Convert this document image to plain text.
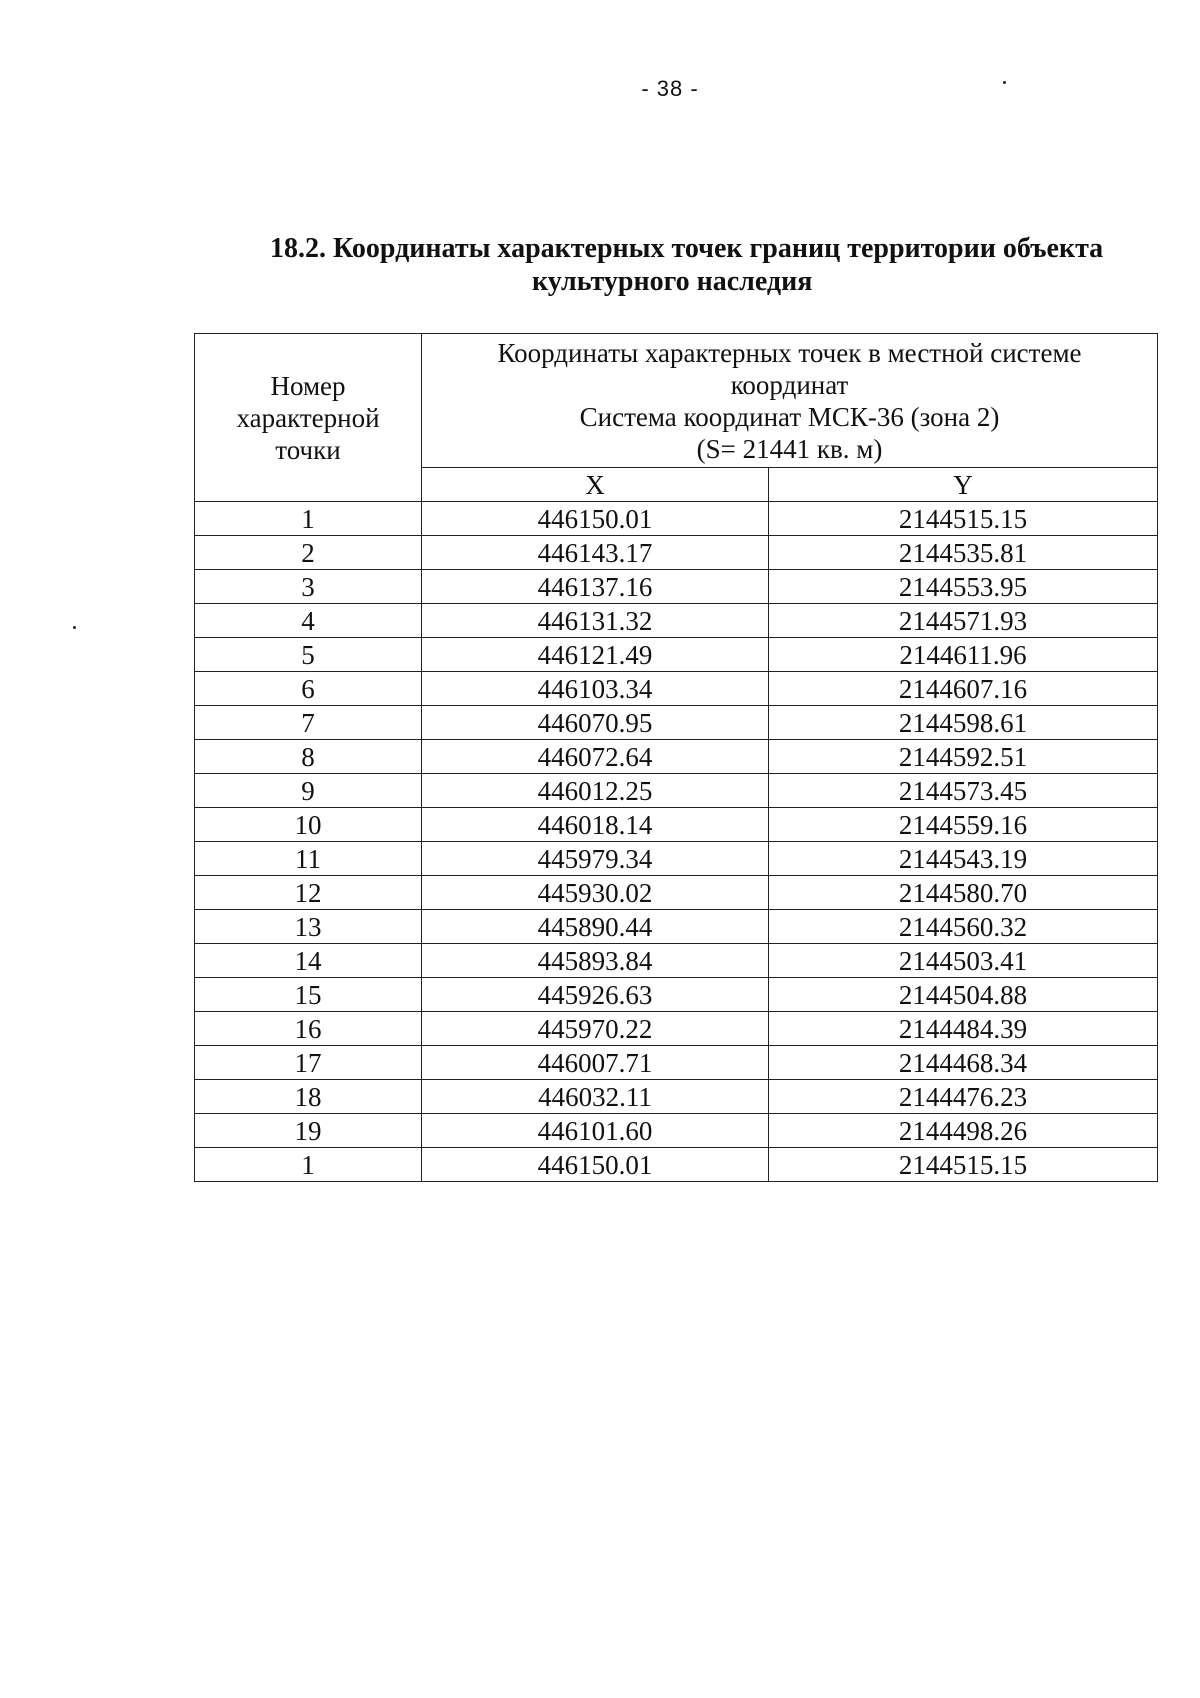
- 38 -
18.2. Координаты характерных точек границ территории объекта
культурного наследия
Номер
характерной
точки	Координаты характерных точек в местной системе
координат
Система координат МСК-36 (зона 2)
(S= 21441 кв. м)	
	X	Y
1	446150.01	2144515.15
2	446143.17	2144535.81
3	446137.16	2144553.95
4	446131.32	2144571.93
5	446121.49	2144611.96
6	446103.34	2144607.16
7	446070.95	2144598.61
8	446072.64	2144592.51
9	446012.25	2144573.45
10	446018.14	2144559.16
11	445979.34	2144543.19
12	445930.02	2144580.70
13	445890.44	2144560.32
14	445893.84	2144503.41
15	445926.63	2144504.88
16	445970.22	2144484.39
17	446007.71	2144468.34
18	446032.11	2144476.23
19	446101.60	2144498.26
1	446150.01	2144515.15
